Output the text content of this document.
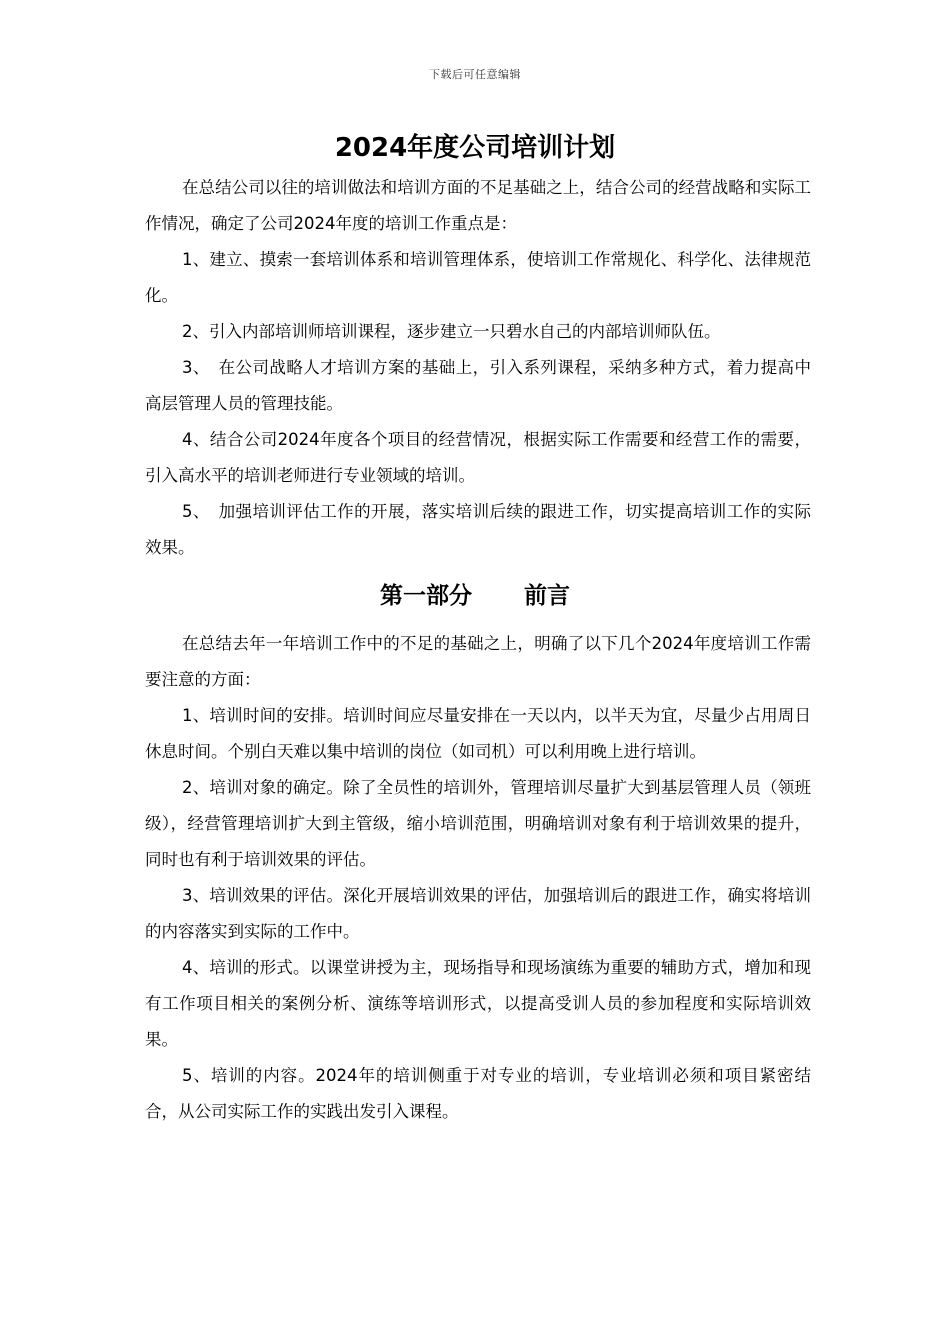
下载后可任意编辑
2024年度公司培训计划

在总结公司以往的培训做法和培训方面的不足基础之上，结合公司的经营战略和实际工作情况，确定了公司2024年度的培训工作重点是：

1、建立、摸索一套培训体系和培训管理体系，使培训工作常规化、科学化、法律规范化。

2、引入内部培训师培训课程，逐步建立一只碧水自己的内部培训师队伍。

3、　在公司战略人才培训方案的基础上，引入系列课程，采纳多种方式，着力提高中高层管理人员的管理技能。

4、结合公司2024年度各个项目的经营情况，根据实际工作需要和经营工作的需要，引入高水平的培训老师进行专业领域的培训。

5、　加强培训评估工作的开展，落实培训后续的跟进工作，切实提高培训工作的实际效果。

第一部分 前言

在总结去年一年培训工作中的不足的基础之上，明确了以下几个2024年度培训工作需要注意的方面：

1、培训时间的安排。培训时间应尽量安排在一天以内，以半天为宜，尽量少占用周日休息时间。个别白天难以集中培训的岗位（如司机）可以利用晚上进行培训。

2、培训对象的确定。除了全员性的培训外，管理培训尽量扩大到基层管理人员（领班级），经营管理培训扩大到主管级，缩小培训范围，明确培训对象有利于培训效果的提升，同时也有利于培训效果的评估。

3、培训效果的评估。深化开展培训效果的评估，加强培训后的跟进工作，确实将培训的内容落实到实际的工作中。

4、培训的形式。以课堂讲授为主，现场指导和现场演练为重要的辅助方式，增加和现有工作项目相关的案例分析、演练等培训形式，以提高受训人员的参加程度和实际培训效果。

5、培训的内容。2024年的培训侧重于对专业的培训，专业培训必须和项目紧密结合，从公司实际工作的实践出发引入课程。
